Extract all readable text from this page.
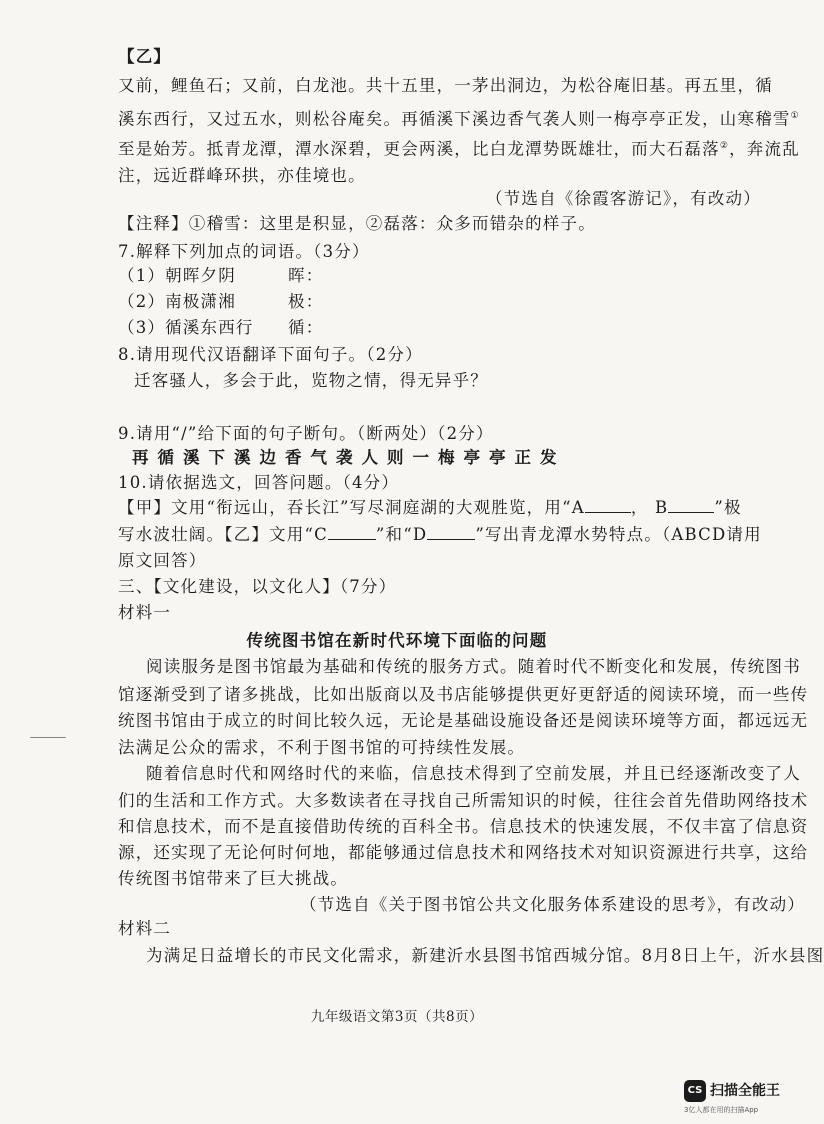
【乙】
又前，鲤鱼石；又前，白龙池。共十五里，一茅出洞边，为松谷庵旧基。再五里，循
溪东西行，又过五水，则松谷庵矣。再循溪下溪边香气袭人则一梅亭亭正发，山寒稽雪①
至是始芳。抵青龙潭，潭水深碧，更会两溪，比白龙潭势既雄壮，而大石磊落②，奔流乱
注，远近群峰环拱，亦佳境也。
（节选自《徐霞客游记》，有改动）
【注释】①稽雪：这里是积显，②磊落：众多而错杂的样子。
7.解释下列加点的词语。（3分）
（1）朝晖夕阴	晖：
（2）南极潇湘	极：
（3）循溪东西行 循：
8.请用现代汉语翻译下面句子。（2分）
迁客骚人，多会于此，览物之情，得无异乎？
9.请用“/”给下面的句子断句。（断两处）（2分）
再循溪下溪边香气袭人则一梅亭亭正发
10.请依据选文，回答问题。（4分）
【甲】文用“衔远山，吞长江”写尽洞庭湖的大观胜览，用“A	， B	”极
写水波壮阔。【乙】文用“C	”和“D	”写出青龙潭水势特点。（ABCD请用
原文回答）
三、【文化建设，以文化人】（7分）
材料一
传统图书馆在新时代环境下面临的问题
阅读服务是图书馆最为基础和传统的服务方式。随着时代不断变化和发展，传统图书
馆逐渐受到了诸多挑战，比如出版商以及书店能够提供更好更舒适的阅读环境，而一些传
统图书馆由于成立的时间比较久远，无论是基础设施设备还是阅读环境等方面，都远远无
法满足公众的需求，不利于图书馆的可持续性发展。
随着信息时代和网络时代的来临，信息技术得到了空前发展，并且已经逐渐改变了人
们的生活和工作方式。大多数读者在寻找自己所需知识的时候，往往会首先借助网络技术
和信息技术，而不是直接借助传统的百科全书。信息技术的快速发展，不仅丰富了信息资
源，还实现了无论何时何地，都能够通过信息技术和网络技术对知识资源进行共享，这给
传统图书馆带来了巨大挑战。
（节选自《关于图书馆公共文化服务体系建设的思考》，有改动）
材料二
为满足日益增长的市民文化需求，新建沂水县图书馆西城分馆。8月8日上午，沂水县图
九年级语文第3页（共8页）
CS 扫描全能王
3亿人都在用的扫描App
